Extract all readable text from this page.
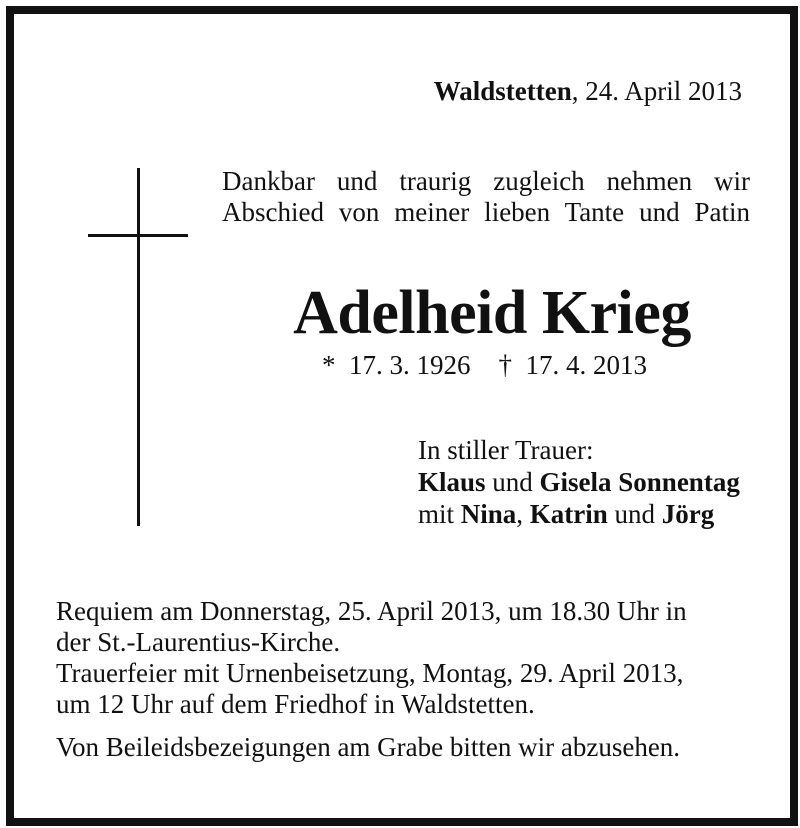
Waldstetten, 24. April 2013

Dankbar und traurig zugleich nehmen wir
Abschied von meiner lieben Tante und Patin

Adelheid Krieg

* 17. 3. 1926 † 17. 4. 2013

In stiller Trauer:
Klaus und Gisela Sonnentag
mit Nina, Katrin und Jörg

Requiem am Donnerstag, 25. April 2013, um 18.30 Uhr in

der St.-Laurentius-Kirche.

Trauerfeier mit Urnenbeisetzung, Montag, 29. April 2013,

um 12 Uhr auf dem Friedhof in Waldstetten.

Von Beileidsbezeigungen am Grabe bitten wir abzusehen.
